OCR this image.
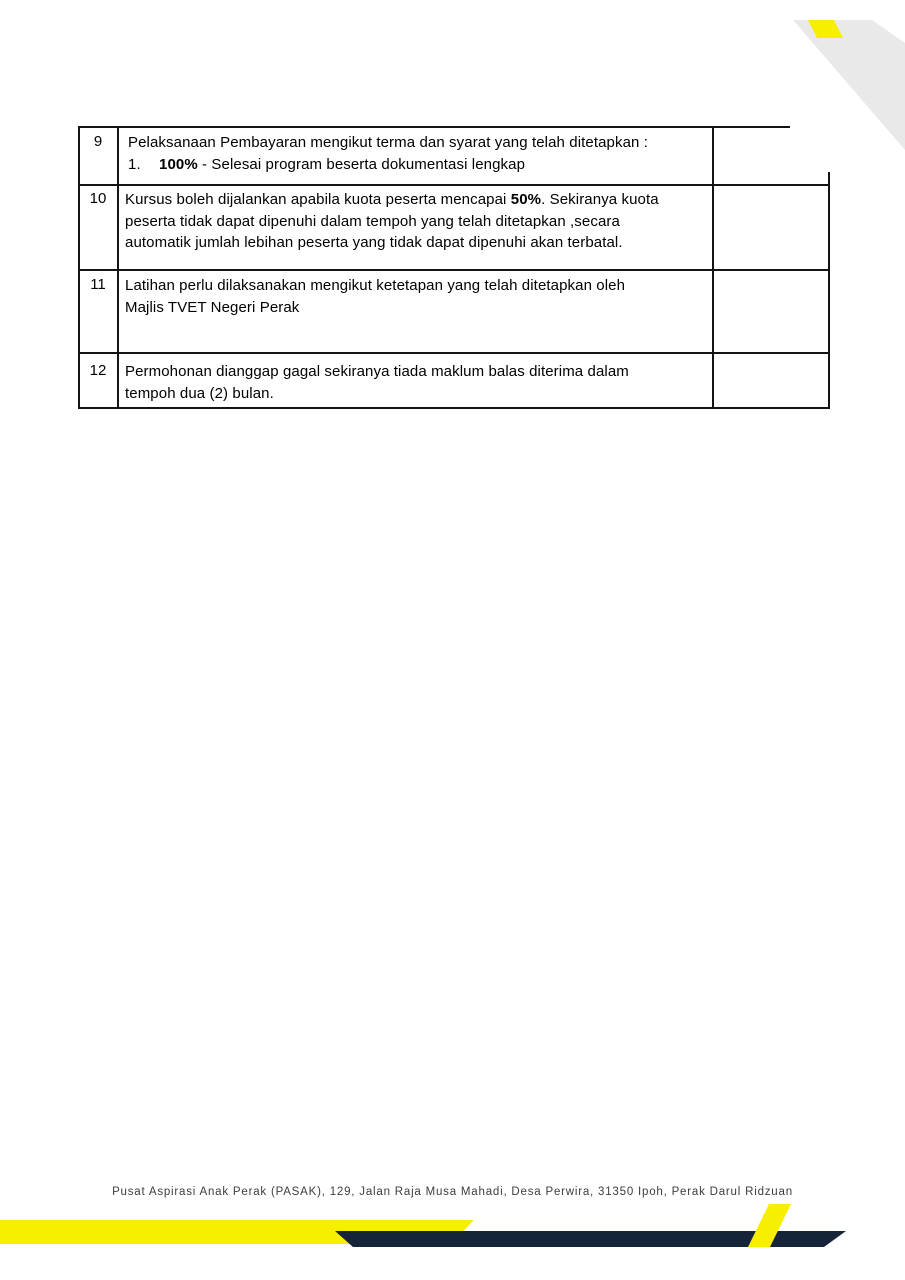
9	Pelaksanaan Pembayaran mengikut terma dan syarat yang telah ditetapkan :
1. 100% - Selesai program beserta dokumentasi lengkap
10	Kursus boleh dijalankan apabila kuota peserta mencapai 50%. Sekiranya kuota
peserta tidak dapat dipenuhi dalam tempoh yang telah ditetapkan ,secara
automatik jumlah lebihan peserta yang tidak dapat dipenuhi akan terbatal.
11	Latihan perlu dilaksanakan mengikut ketetapan yang telah ditetapkan oleh
Majlis TVET Negeri Perak
12	Permohonan dianggap gagal sekiranya tiada maklum balas diterima dalam
tempoh dua (2) bulan.
Pusat Aspirasi Anak Perak (PASAK), 129, Jalan Raja Musa Mahadi, Desa Perwira, 31350 Ipoh, Perak Darul Ridzuan
